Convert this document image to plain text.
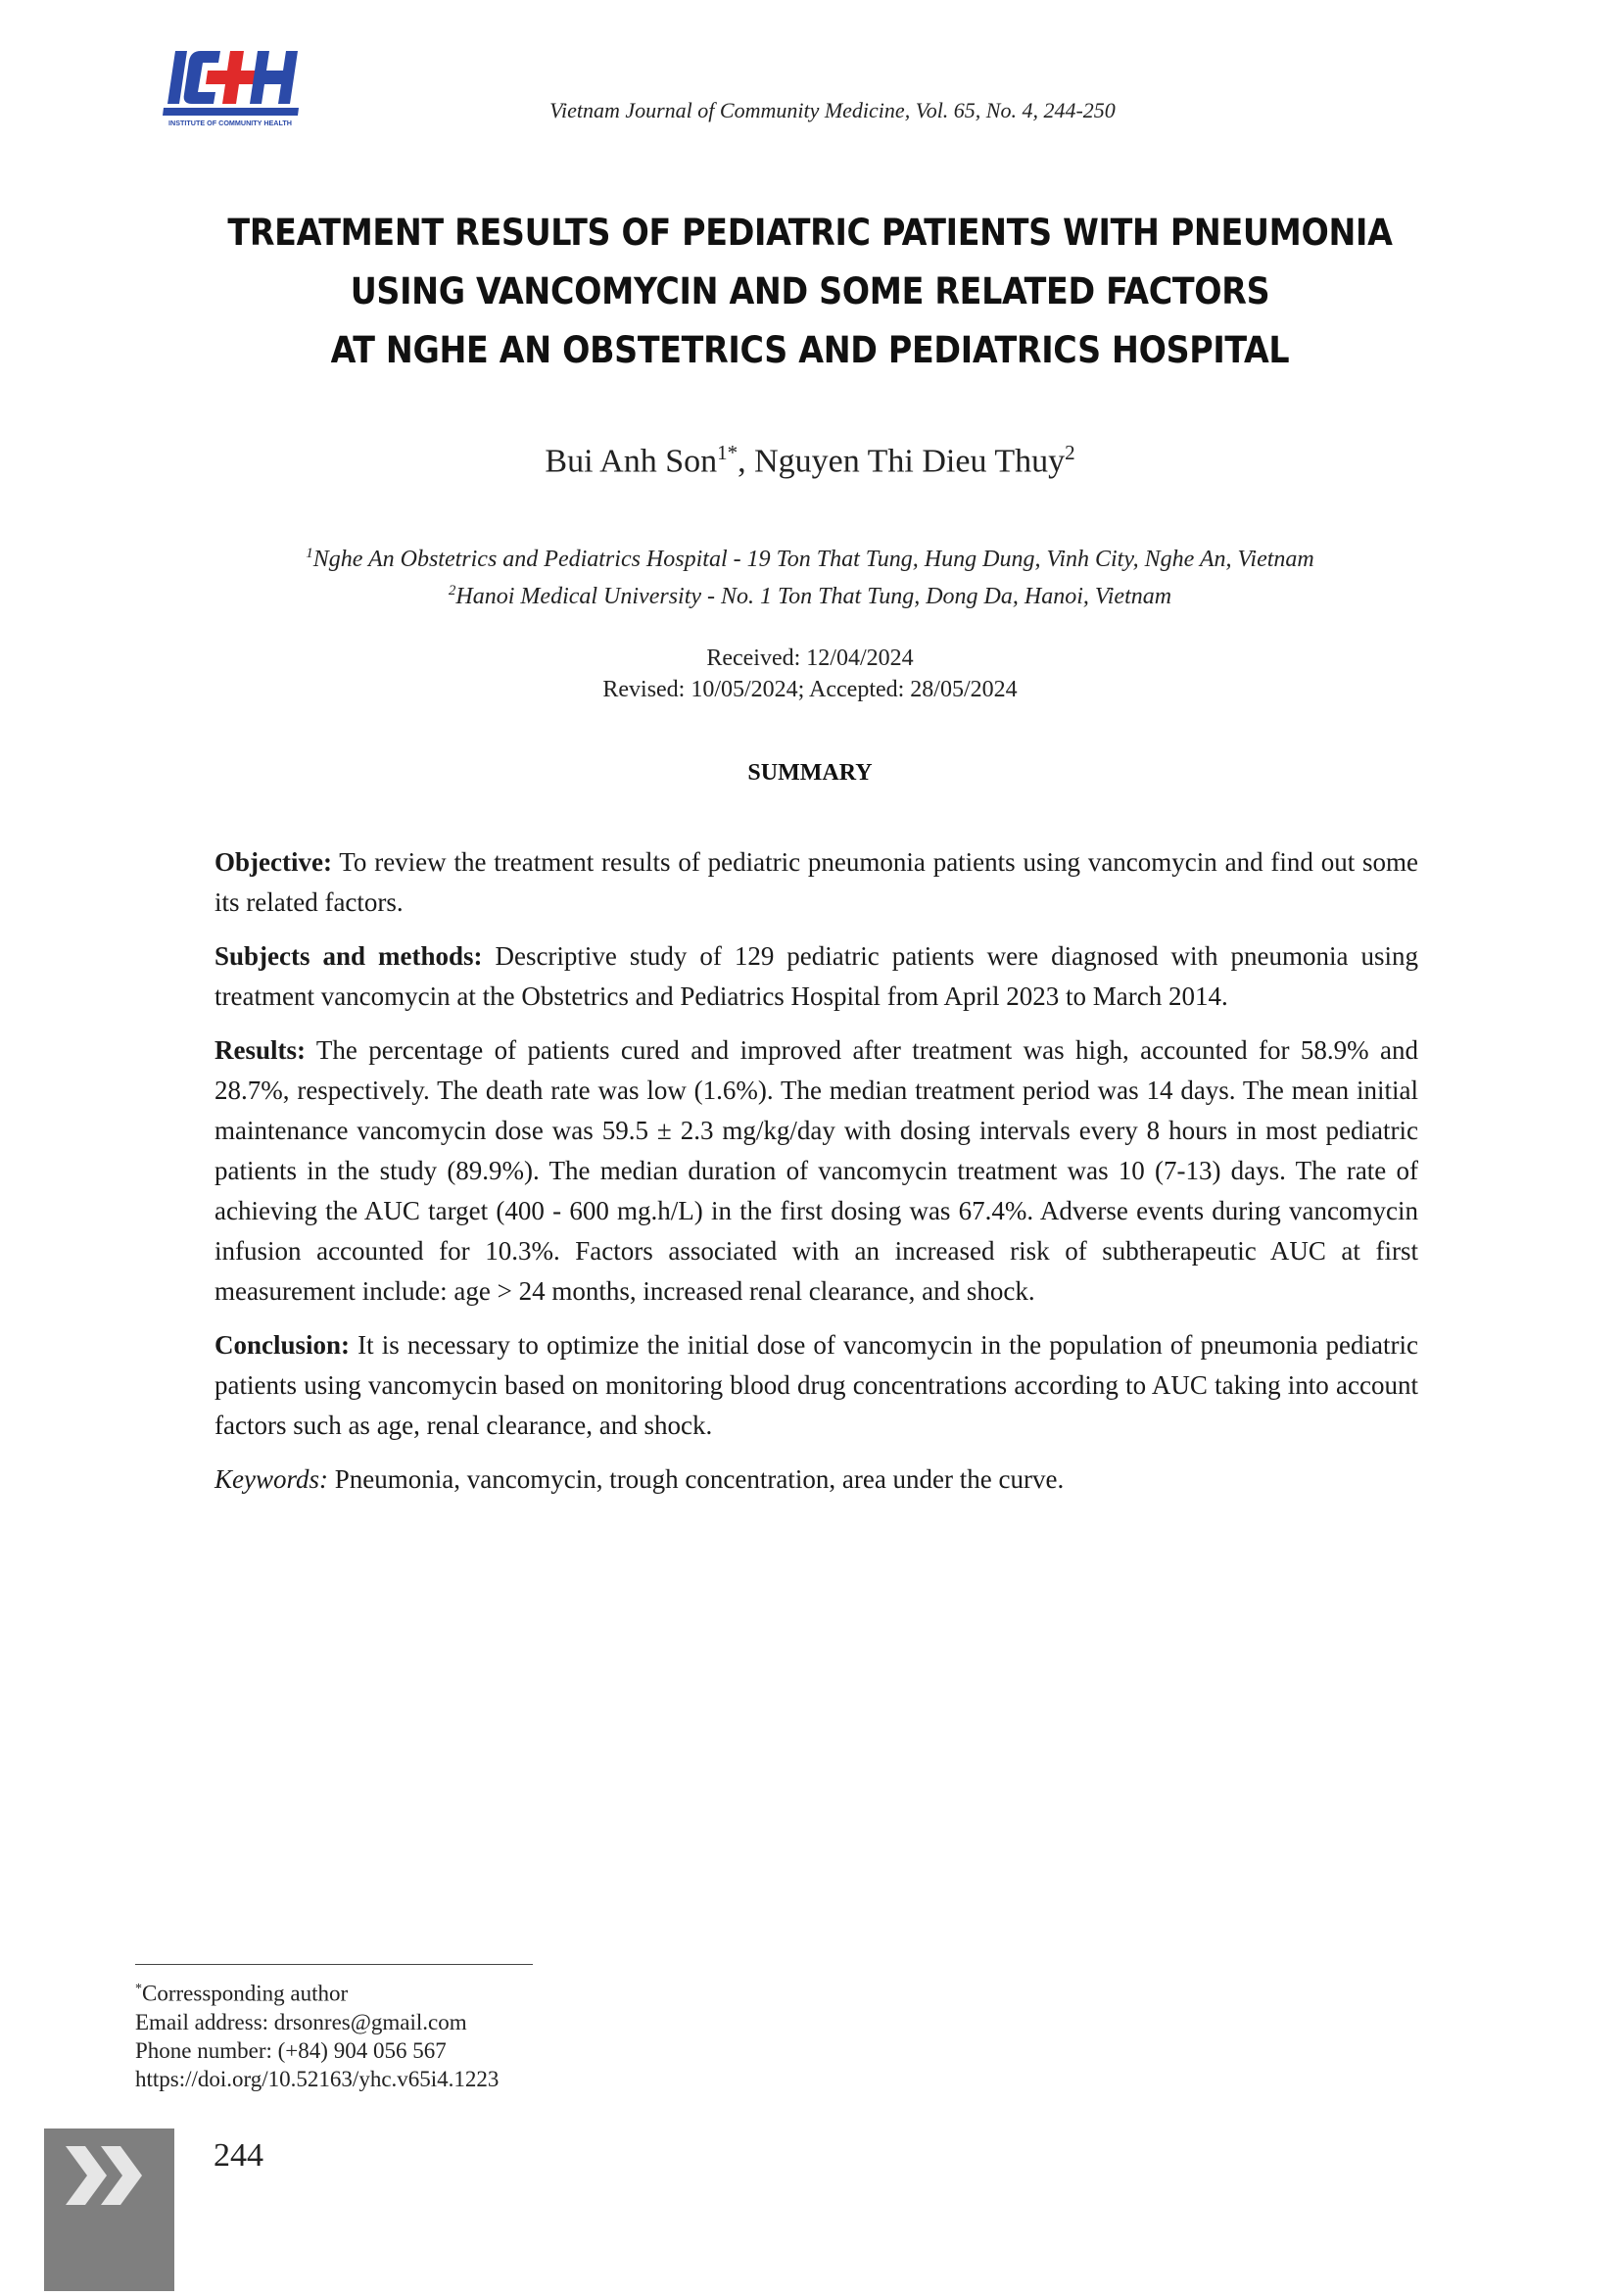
INSTITUTE OF COMMUNITY HEALTH
Vietnam Journal of Community Medicine, Vol. 65, No. 4, 244-250
TREATMENT RESULTS OF PEDIATRIC PATIENTS WITH PNEUMONIA
USING VANCOMYCIN AND SOME RELATED FACTORS
AT NGHE AN OBSTETRICS AND PEDIATRICS HOSPITAL
Bui Anh Son$^{1*}$, Nguyen Thi Dieu Thuy$^2$
$^1$Nghe An Obstetrics and Pediatrics Hospital - 19 Ton That Tung, Hung Dung, Vinh City, Nghe An, Vietnam
$^2$Hanoi Medical University - No. 1 Ton That Tung, Dong Da, Hanoi, Vietnam
Received: 12/04/2024
Revised: 10/05/2024; Accepted: 28/05/2024
SUMMARY

Objective: To review the treatment results of pediatric pneumonia patients using vancomycin and find out some its related factors.

Subjects and methods: Descriptive study of 129 pediatric patients were diagnosed with pneumonia using treatment vancomycin at the Obstetrics and Pediatrics Hospital from April 2023 to March 2014.

Results: The percentage of patients cured and improved after treatment was high, accounted for 58.9% and 28.7%, respectively. The death rate was low (1.6%). The median treatment period was 14 days. The mean initial maintenance vancomycin dose was 59.5 ± 2.3 mg/kg/day with dosing intervals every 8 hours in most pediatric patients in the study (89.9%). The median duration of vancomycin treatment was 10 (7-13) days. The rate of achieving the AUC target (400 - 600 mg.h/L) in the first dosing was 67.4%. Adverse events during vancomycin infusion accounted for 10.3%. Factors associated with an increased risk of subtherapeutic AUC at first measurement include: age > 24 months, increased renal clearance, and shock.

Conclusion: It is necessary to optimize the initial dose of vancomycin in the population of pneumonia pediatric patients using vancomycin based on monitoring blood drug concentrations according to AUC taking into account factors such as age, renal clearance, and shock.

Keywords: Pneumonia, vancomycin, trough concentration, area under the curve.

*Corressponding author
Email address: drsonres@gmail.com
Phone number: (+84) 904 056 567
https://doi.org/10.52163/yhc.v65i4.1223
244
